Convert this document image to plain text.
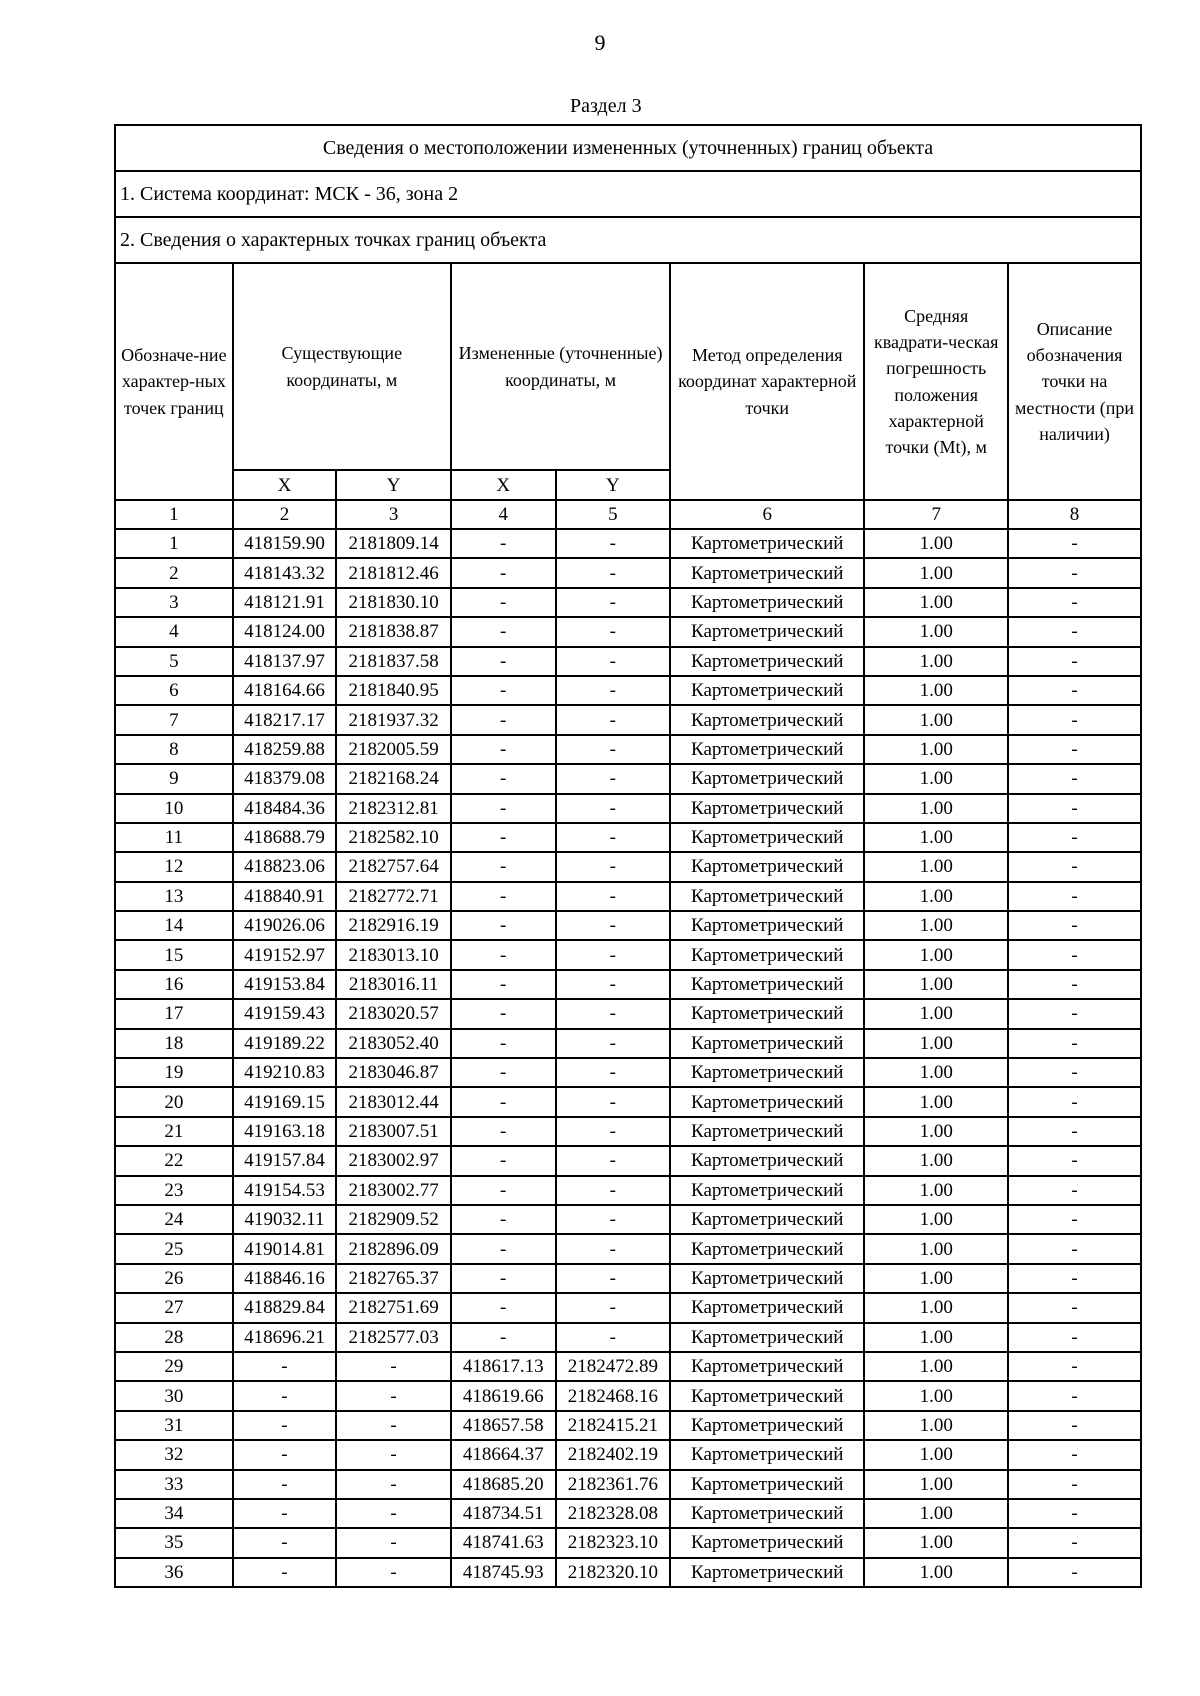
9
Раздел 3
Сведения о местоположении измененных (уточненных) границ объекта							
1. Система координат: МСК - 36, зона 2							
2. Сведения о характерных точках границ объекта							
Обозначе-ние характер-ных точек границ	Существующие координаты, м		Измененные (уточненные) координаты, м		Метод определения координат характерной точки	Средняя квадрати-ческая погрешность положения характерной точки (Mt), м	Описание обозначения точки на местности (при наличии)
	X	Y	X	Y			
1	2	3	4	5	6	7	8
1	418159.90	2181809.14	-	-	Картометрический	1.00	-
2	418143.32	2181812.46	-	-	Картометрический	1.00	-
3	418121.91	2181830.10	-	-	Картометрический	1.00	-
4	418124.00	2181838.87	-	-	Картометрический	1.00	-
5	418137.97	2181837.58	-	-	Картометрический	1.00	-
6	418164.66	2181840.95	-	-	Картометрический	1.00	-
7	418217.17	2181937.32	-	-	Картометрический	1.00	-
8	418259.88	2182005.59	-	-	Картометрический	1.00	-
9	418379.08	2182168.24	-	-	Картометрический	1.00	-
10	418484.36	2182312.81	-	-	Картометрический	1.00	-
11	418688.79	2182582.10	-	-	Картометрический	1.00	-
12	418823.06	2182757.64	-	-	Картометрический	1.00	-
13	418840.91	2182772.71	-	-	Картометрический	1.00	-
14	419026.06	2182916.19	-	-	Картометрический	1.00	-
15	419152.97	2183013.10	-	-	Картометрический	1.00	-
16	419153.84	2183016.11	-	-	Картометрический	1.00	-
17	419159.43	2183020.57	-	-	Картометрический	1.00	-
18	419189.22	2183052.40	-	-	Картометрический	1.00	-
19	419210.83	2183046.87	-	-	Картометрический	1.00	-
20	419169.15	2183012.44	-	-	Картометрический	1.00	-
21	419163.18	2183007.51	-	-	Картометрический	1.00	-
22	419157.84	2183002.97	-	-	Картометрический	1.00	-
23	419154.53	2183002.77	-	-	Картометрический	1.00	-
24	419032.11	2182909.52	-	-	Картометрический	1.00	-
25	419014.81	2182896.09	-	-	Картометрический	1.00	-
26	418846.16	2182765.37	-	-	Картометрический	1.00	-
27	418829.84	2182751.69	-	-	Картометрический	1.00	-
28	418696.21	2182577.03	-	-	Картометрический	1.00	-
29	-	-	418617.13	2182472.89	Картометрический	1.00	-
30	-	-	418619.66	2182468.16	Картометрический	1.00	-
31	-	-	418657.58	2182415.21	Картометрический	1.00	-
32	-	-	418664.37	2182402.19	Картометрический	1.00	-
33	-	-	418685.20	2182361.76	Картометрический	1.00	-
34	-	-	418734.51	2182328.08	Картометрический	1.00	-
35	-	-	418741.63	2182323.10	Картометрический	1.00	-
36	-	-	418745.93	2182320.10	Картометрический	1.00	-
